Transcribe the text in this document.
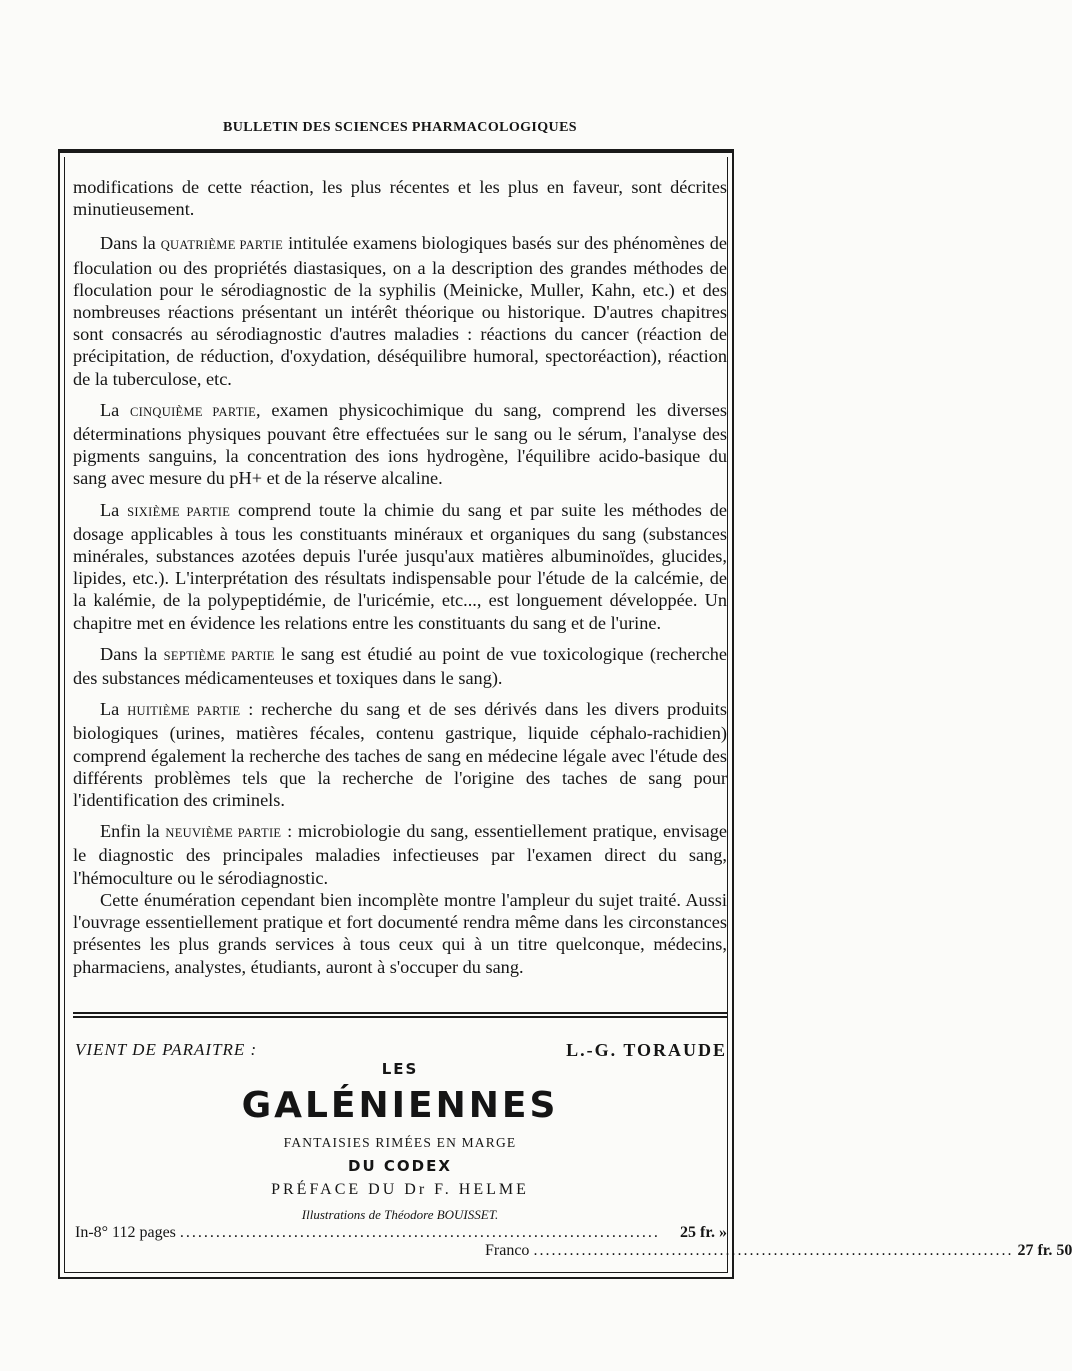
BULLETIN DES SCIENCES PHARMACOLOGIQUES

modifications de cette réaction, les plus récentes et les plus en faveur, sont décrites minutieusement.

Dans la QUATRIÈME PARTIE intitulée examens biologiques basés sur des phénomènes de floculation ou des propriétés diastasiques, on a la description des grandes méthodes de floculation pour le sérodiagnostic de la syphilis (Meinicke, Muller, Kahn, etc.) et des nombreuses réactions présentant un intérêt théorique ou historique. D'autres chapitres sont consacrés au sérodiagnostic d'autres maladies : réactions du cancer (réaction de précipitation, de réduction, d'oxydation, déséquilibre humoral, spectoréaction), réaction de la tuberculose, etc.

La CINQUIÈME PARTIE, examen physicochimique du sang, comprend les diverses déterminations physiques pouvant être effectuées sur le sang ou le sérum, l'analyse des pigments sanguins, la concentration des ions hydrogène, l'équilibre acido-basique du sang avec mesure du pH+ et de la réserve alcaline.

La SIXIÈME PARTIE comprend toute la chimie du sang et par suite les méthodes de dosage applicables à tous les constituants minéraux et organiques du sang (substances minérales, substances azotées depuis l'urée jusqu'aux matières albuminoïdes, glucides, lipides, etc.). L'interprétation des résultats indispensable pour l'étude de la calcémie, de la kalémie, de la polypeptidémie, de l'uricémie, etc..., est longuement développée. Un chapitre met en évidence les relations entre les constituants du sang et de l'urine.

Dans la SEPTIÈME PARTIE le sang est étudié au point de vue toxicologique (recherche des substances médicamenteuses et toxiques dans le sang).

La HUITIÈME PARTIE : recherche du sang et de ses dérivés dans les divers produits biologiques (urines, matières fécales, contenu gastrique, liquide céphalo-rachidien) comprend également la recherche des taches de sang en médecine légale avec l'étude des différents problèmes tels que la recherche de l'origine des taches de sang pour l'identification des criminels.

Enfin la NEUVIÈME PARTIE : microbiologie du sang, essentiellement pratique, envisage le diagnostic des principales maladies infectieuses par l'examen direct du sang, l'hémoculture ou le sérodiagnostic.

Cette énumération cependant bien incomplète montre l'ampleur du sujet traité. Aussi l'ouvrage essentiellement pratique et fort documenté rendra même dans les circonstances présentes les plus grands services à tous ceux qui à un titre quelconque, médecins, pharmaciens, analystes, étudiants, auront à s'occuper du sang.

VIENT DE PARAITRE :	L.-G. TORAUDE
LES
GALÉNIENNES
FANTAISIES RIMÉES EN MARGE
DU CODEX
PRÉFACE DU Dr F. HELME
Illustrations de Théodore BOUISSET.
In-8° 112 pages ................................................................................	25 fr. »
Franco ................................................................................ 27 fr. 50
